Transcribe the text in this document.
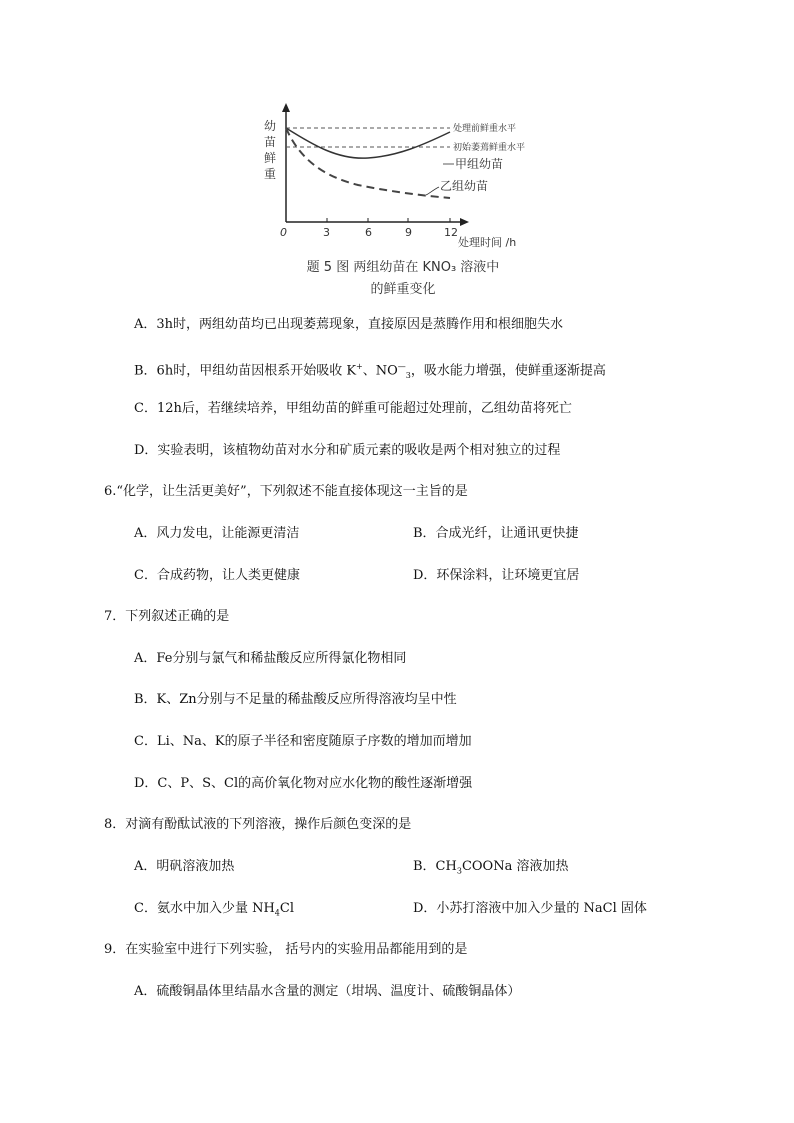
幼
苗
鲜
重
0	3	6	9	12
处理时间 /h
处理前鲜重水平
初始萎蔫鲜重水平
甲组幼苗
乙组幼苗
题 5 图 两组幼苗在 KNO₃ 溶液中
的鲜重变化
A．3h时，两组幼苗均已出现萎蔫现象，直接原因是蒸腾作用和根细胞失水
B．6h时，甲组幼苗因根系开始吸收 K+、$NO^—_3$，吸水能力增强，使鲜重逐渐提高
C．12h后，若继续培养，甲组幼苗的鲜重可能超过处理前，乙组幼苗将死亡
D．实验表明，该植物幼苗对水分和矿质元素的吸收是两个相对独立的过程
6.“化学，让生活更美好”，下列叙述不能直接体现这一主旨的是
A．风力发电，让能源更清洁	B．合成光纤，让通讯更快捷
C．合成药物，让人类更健康	D．环保涂料，让环境更宜居
7．下列叙述正确的是
A．Fe分别与氯气和稀盐酸反应所得氯化物相同
B．K、Zn分别与不足量的稀盐酸反应所得溶液均呈中性
C．Li、Na、K的原子半径和密度随原子序数的增加而增加
D．C、P、S、Cl的高价氧化物对应水化物的酸性逐渐增强
8．对滴有酚酞试液的下列溶液，操作后颜色变深的是
A．明矾溶液加热	B．$CH_3COONa$ 溶液加热
C．氨水中加入少量 $NH_4Cl$	D．小苏打溶液中加入少量的 NaCl 固体
9．在实验室中进行下列实验， 括号内的实验用品都能用到的是
A．硫酸铜晶体里结晶水含量的测定（坩埚、温度计、硫酸铜晶体）
